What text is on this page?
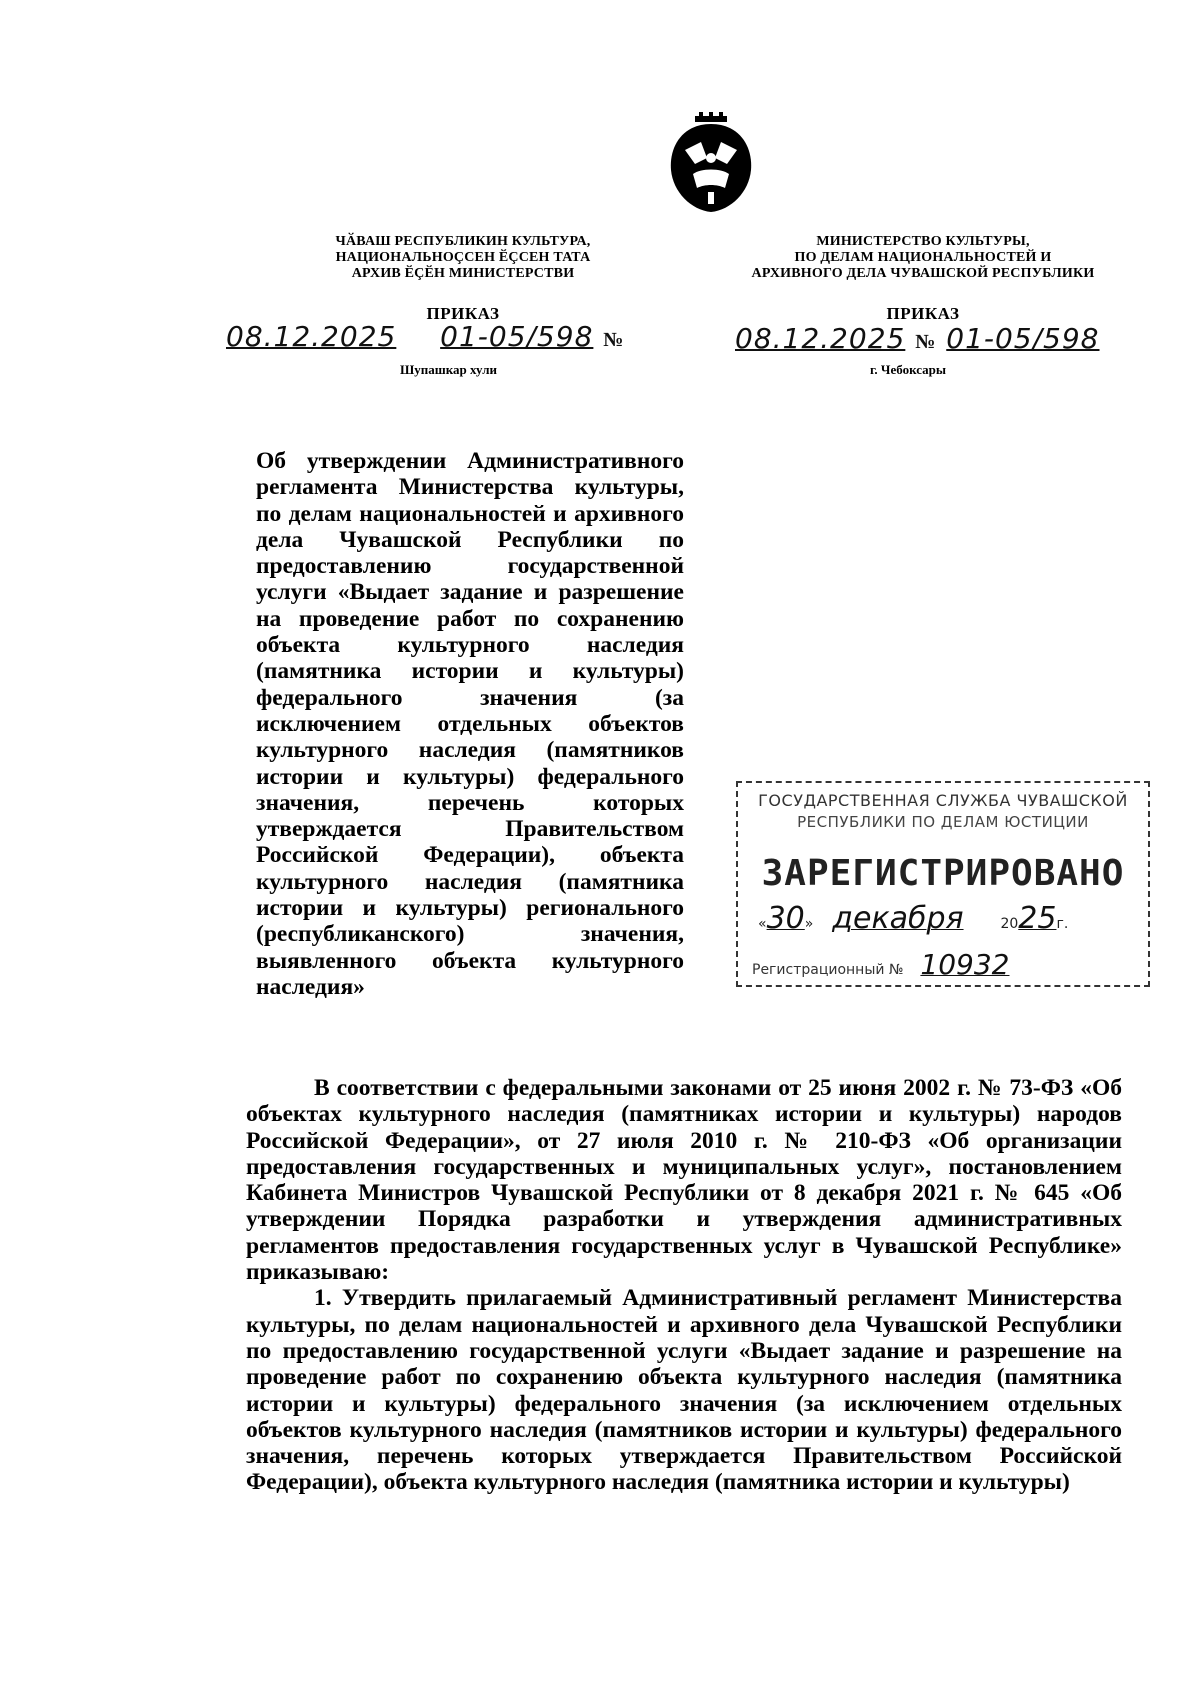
ЧӐВАШ РЕСПУБЛИКИН КУЛЬТУРА,
НАЦИОНАЛЬНОÇСЕН ӖÇСЕН ТАТА
АРХИВ ӖÇӖН МИНИСТЕРСТВИ
ПРИКАЗ
08.12.2025 01-05/598 №
Шупашкар хули
МИНИСТЕРСТВО КУЛЬТУРЫ,
ПО ДЕЛАМ НАЦИОНАЛЬНОСТЕЙ И
АРХИВНОГО ДЕЛА ЧУВАШСКОЙ РЕСПУБЛИКИ
ПРИКАЗ
08.12.2025 № 01-05/598
г. Чебоксары
Об утверждении Административного регламента Министерства культуры, по делам национальностей и архивного дела Чувашской Республики по предоставлению государственной услуги «Выдает задание и разрешение на проведение работ по сохранению объекта культурного наследия (памятника истории и культуры) федерального значения (за исключением отдельных объектов культурного наследия (памятников истории и культуры) федерального значения, перечень которых утверждается Правительством Российской Федерации), объекта культурного наследия (памятника истории и культуры) регионального (республиканского) значения, выявленного объекта культурного наследия»
ГОСУДАРСТВЕННАЯ СЛУЖБА ЧУВАШСКОЙ
РЕСПУБЛИКИ ПО ДЕЛАМ ЮСТИЦИИ
ЗАРЕГИСТРИРОВАНО
«30» декабря	2025г.
Регистрационный № 10932

В соответствии с федеральными законами от 25 июня 2002 г. № 73-ФЗ «Об объектах культурного наследия (памятниках истории и культуры) народов Российской Федерации», от 27 июля 2010 г. № 210-ФЗ «Об организации предоставления государственных и муниципальных услуг», постановлением Кабинета Министров Чувашской Республики от 8 декабря 2021 г. № 645 «Об утверждении Порядка разработки и утверждения административных регламентов предоставления государственных услуг в Чувашской Республике» приказываю:

1. Утвердить прилагаемый Административный регламент Министерства культуры, по делам национальностей и архивного дела Чувашской Республики по предоставлению государственной услуги «Выдает задание и разрешение на проведение работ по сохранению объекта культурного наследия (памятника истории и культуры) федерального значения (за исключением отдельных объектов культурного наследия (памятников истории и культуры) федерального значения, перечень которых утверждается Правительством Российской Федерации), объекта культурного наследия (памятника истории и культуры)
